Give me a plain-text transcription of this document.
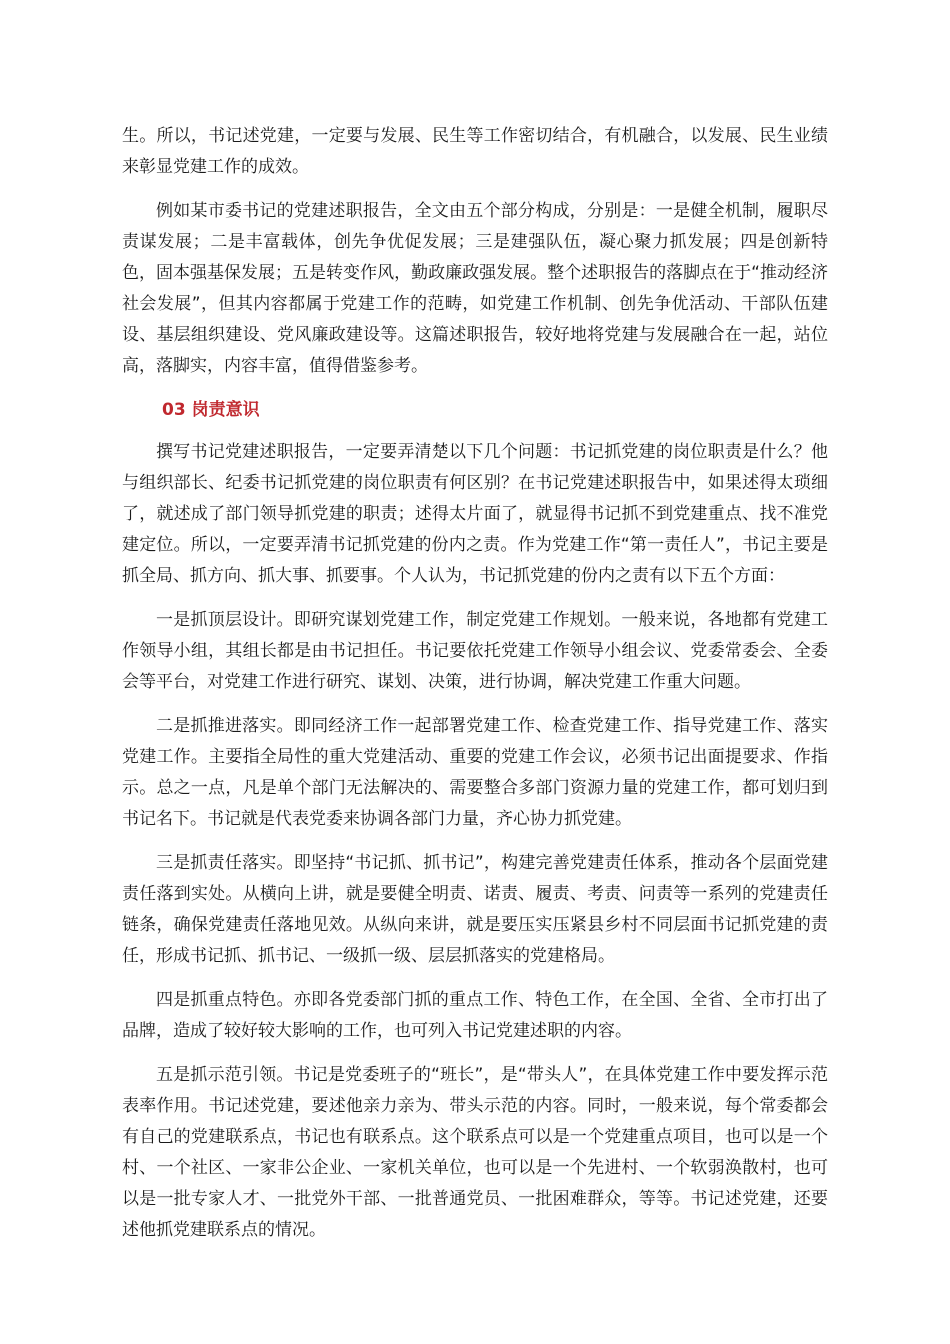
生。所以，书记述党建，一定要与发展、民生等工作密切结合，有机融合，以发展、民生业绩来彰显党建工作的成效。

例如某市委书记的党建述职报告，全文由五个部分构成，分别是：一是健全机制，履职尽责谋发展；二是丰富载体，创先争优促发展；三是建强队伍，凝心聚力抓发展；四是创新特色，固本强基保发展；五是转变作风，勤政廉政强发展。整个述职报告的落脚点在于“推动经济社会发展”，但其内容都属于党建工作的范畴，如党建工作机制、创先争优活动、干部队伍建设、基层组织建设、党风廉政建设等。这篇述职报告，较好地将党建与发展融合在一起，站位高，落脚实，内容丰富，值得借鉴参考。

03 岗责意识

撰写书记党建述职报告，一定要弄清楚以下几个问题：书记抓党建的岗位职责是什么？他与组织部长、纪委书记抓党建的岗位职责有何区别？在书记党建述职报告中，如果述得太琐细了，就述成了部门领导抓党建的职责；述得太片面了，就显得书记抓不到党建重点、找不准党建定位。所以，一定要弄清书记抓党建的份内之责。作为党建工作“第一责任人”，书记主要是抓全局、抓方向、抓大事、抓要事。个人认为，书记抓党建的份内之责有以下五个方面：

一是抓顶层设计。即研究谋划党建工作，制定党建工作规划。一般来说，各地都有党建工作领导小组，其组长都是由书记担任。书记要依托党建工作领导小组会议、党委常委会、全委会等平台，对党建工作进行研究、谋划、决策，进行协调，解决党建工作重大问题。

二是抓推进落实。即同经济工作一起部署党建工作、检查党建工作、指导党建工作、落实党建工作。主要指全局性的重大党建活动、重要的党建工作会议，必须书记出面提要求、作指示。总之一点，凡是单个部门无法解决的、需要整合多部门资源力量的党建工作，都可划归到书记名下。书记就是代表党委来协调各部门力量，齐心协力抓党建。

三是抓责任落实。即坚持“书记抓、抓书记”，构建完善党建责任体系，推动各个层面党建责任落到实处。从横向上讲，就是要健全明责、诺责、履责、考责、问责等一系列的党建责任链条，确保党建责任落地见效。从纵向来讲，就是要压实压紧县乡村不同层面书记抓党建的责任，形成书记抓、抓书记、一级抓一级、层层抓落实的党建格局。

四是抓重点特色。亦即各党委部门抓的重点工作、特色工作，在全国、全省、全市打出了品牌，造成了较好较大影响的工作，也可列入书记党建述职的内容。

五是抓示范引领。书记是党委班子的“班长”，是“带头人”，在具体党建工作中要发挥示范表率作用。书记述党建，要述他亲力亲为、带头示范的内容。同时，一般来说，每个常委都会有自己的党建联系点，书记也有联系点。这个联系点可以是一个党建重点项目，也可以是一个村、一个社区、一家非公企业、一家机关单位，也可以是一个先进村、一个软弱涣散村，也可以是一批专家人才、一批党外干部、一批普通党员、一批困难群众，等等。书记述党建，还要述他抓党建联系点的情况。
